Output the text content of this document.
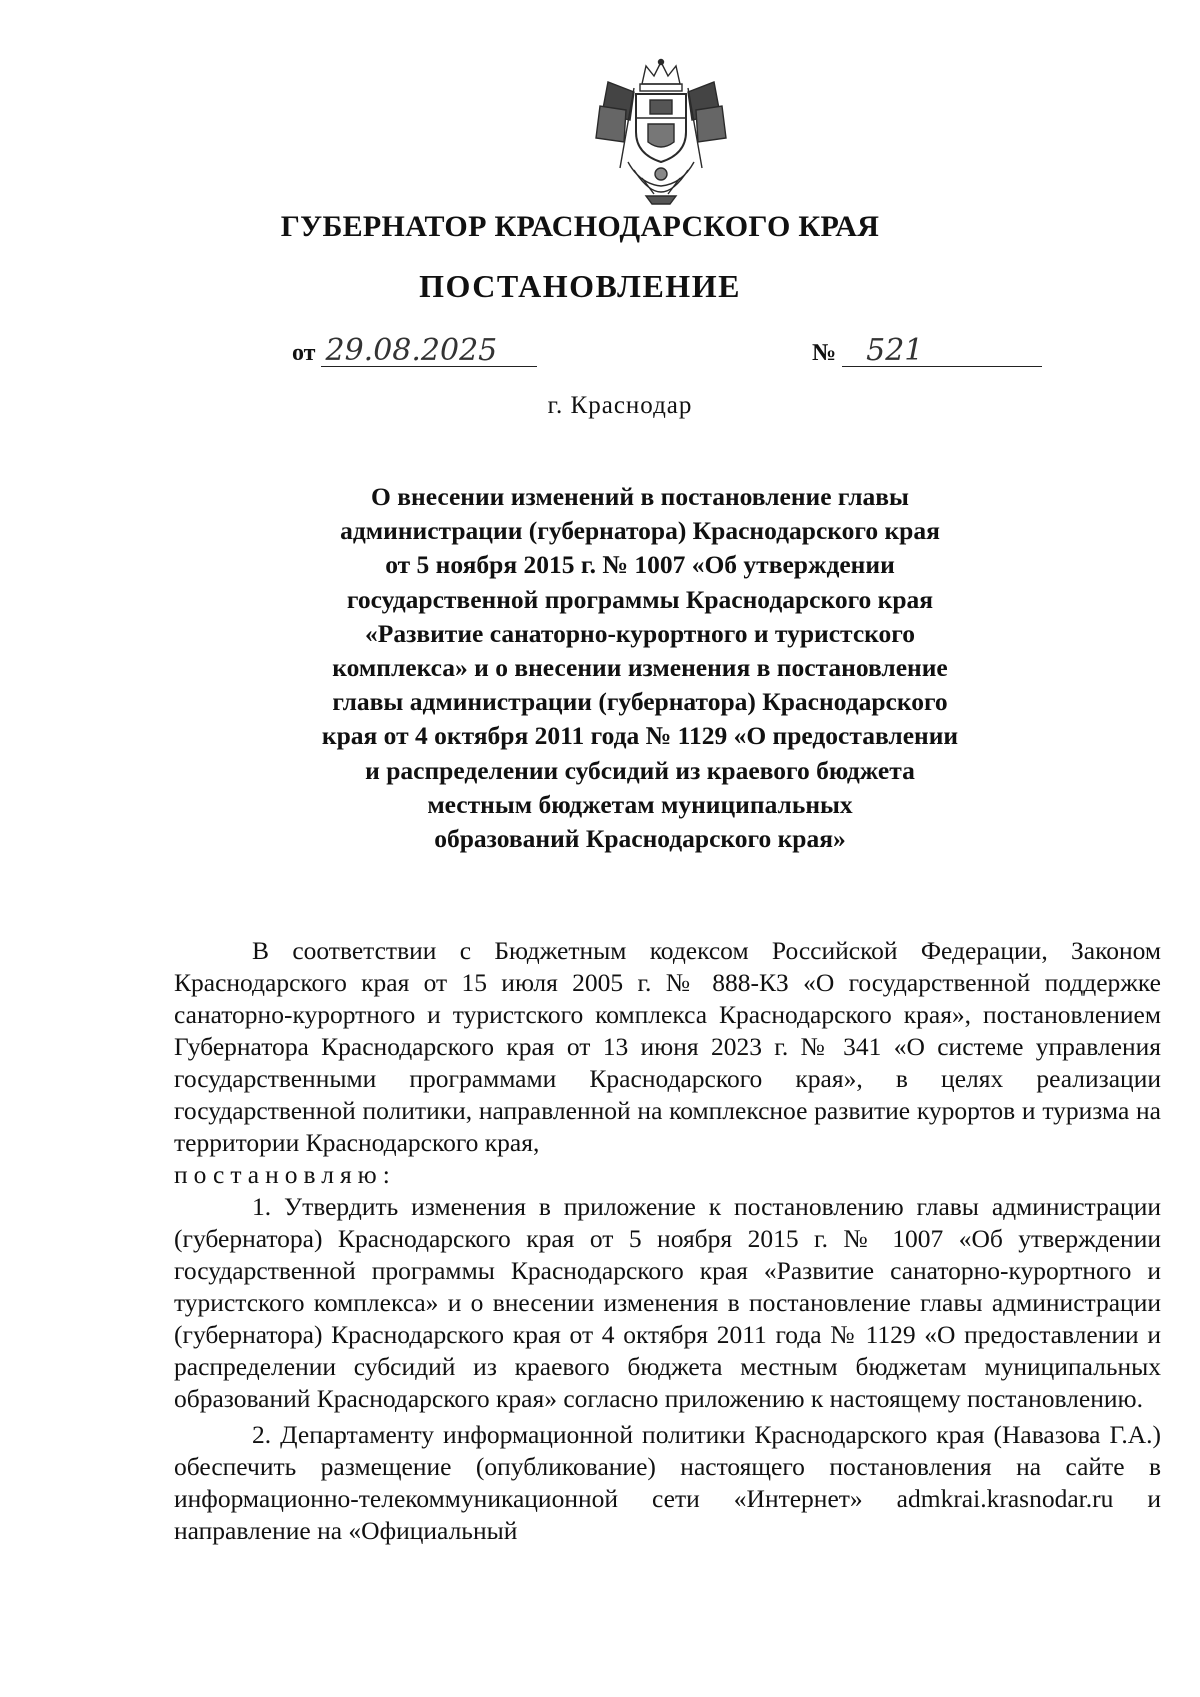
ГУБЕРНАТОР КРАСНОДАРСКОГО КРАЯ
ПОСТАНОВЛЕНИЕ
от 29.08.2025	№ 521
г. Краснодар
О внесении изменений в постановление главы
администрации (губернатора) Краснодарского края
от 5 ноября 2015 г. № 1007 «Об утверждении
государственной программы Краснодарского края
«Развитие санаторно-курортного и туристского
комплекса» и о внесении изменения в постановление
главы администрации (губернатора) Краснодарского
края от 4 октября 2011 года № 1129 «О предоставлении
и распределении субсидий из краевого бюджета
местным бюджетам муниципальных
образований Краснодарского края»

В соответствии с Бюджетным кодексом Российской Федерации, Законом Краснодарского края от 15 июля 2005 г. № 888-КЗ «О государственной поддержке санаторно-курортного и туристского комплекса Краснодарского края», постановлением Губернатора Краснодарского края от 13 июня 2023 г. № 341 «О системе управления государственными программами Краснодарского края», в целях реализации государственной политики, направленной на комплексное развитие курортов и туризма на территории Краснодарского края,

постановляю:

1. Утвердить изменения в приложение к постановлению главы администрации (губернатора) Краснодарского края от 5 ноября 2015 г. № 1007 «Об утверждении государственной программы Краснодарского края «Развитие санаторно-курортного и туристского комплекса» и о внесении изменения в постановление главы администрации (губернатора) Краснодарского края от 4 октября 2011 года № 1129 «О предоставлении и распределении субсидий из краевого бюджета местным бюджетам муниципальных образований Краснодарского края» согласно приложению к настоящему постановлению.

2. Департаменту информационной политики Краснодарского края (Навазова Г.А.) обеспечить размещение (опубликование) настоящего постановления на сайте в информационно-телекоммуникационной сети «Интернет» admkrai.krasnodar.ru и направление на «Официальный
